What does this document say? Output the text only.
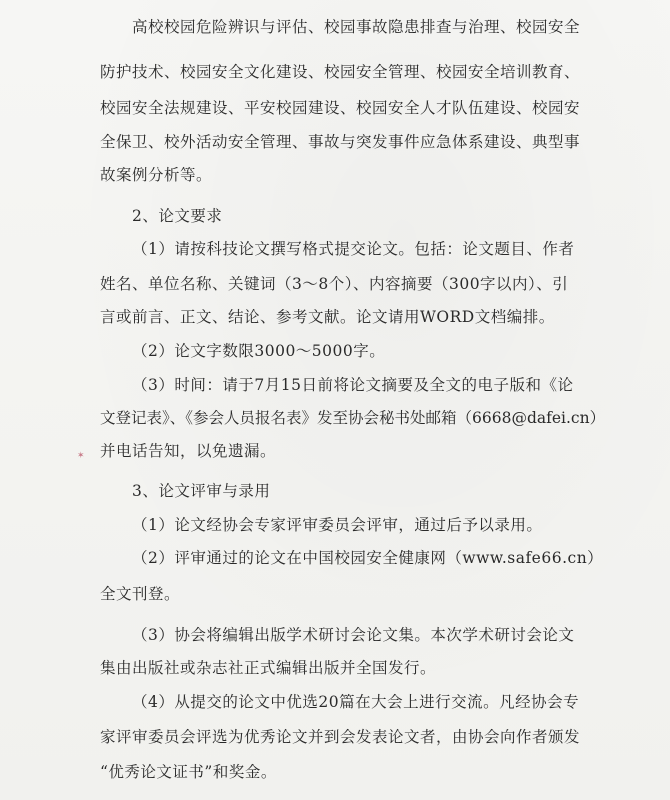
✶
高校校园危险辨识与评估、校园事故隐患排查与治理、校园安全
防护技术、校园安全文化建设、校园安全管理、校园安全培训教育、
校园安全法规建设、平安校园建设、校园安全人才队伍建设、校园安
全保卫、校外活动安全管理、事故与突发事件应急体系建设、典型事
故案例分析等。
2、论文要求
（1）请按科技论文撰写格式提交论文。包括：论文题目、作者
姓名、单位名称、关键词（3～8个）、内容摘要（300字以内）、引
言或前言、正文、结论、参考文献。论文请用WORD文档编排。
（2）论文字数限3000～5000字。
（3）时间：请于7月15日前将论文摘要及全文的电子版和《论
文登记表》、《参会人员报名表》发至协会秘书处邮箱（6668@dafei.cn）
并电话告知，以免遗漏。
3、论文评审与录用
（1）论文经协会专家评审委员会评审，通过后予以录用。
（2）评审通过的论文在中国校园安全健康网（www.safe66.cn）
全文刊登。
（3）协会将编辑出版学术研讨会论文集。本次学术研讨会论文
集由出版社或杂志社正式编辑出版并全国发行。
（4）从提交的论文中优选20篇在大会上进行交流。凡经协会专
家评审委员会评选为优秀论文并到会发表论文者，由协会向作者颁发
“优秀论文证书”和奖金。
